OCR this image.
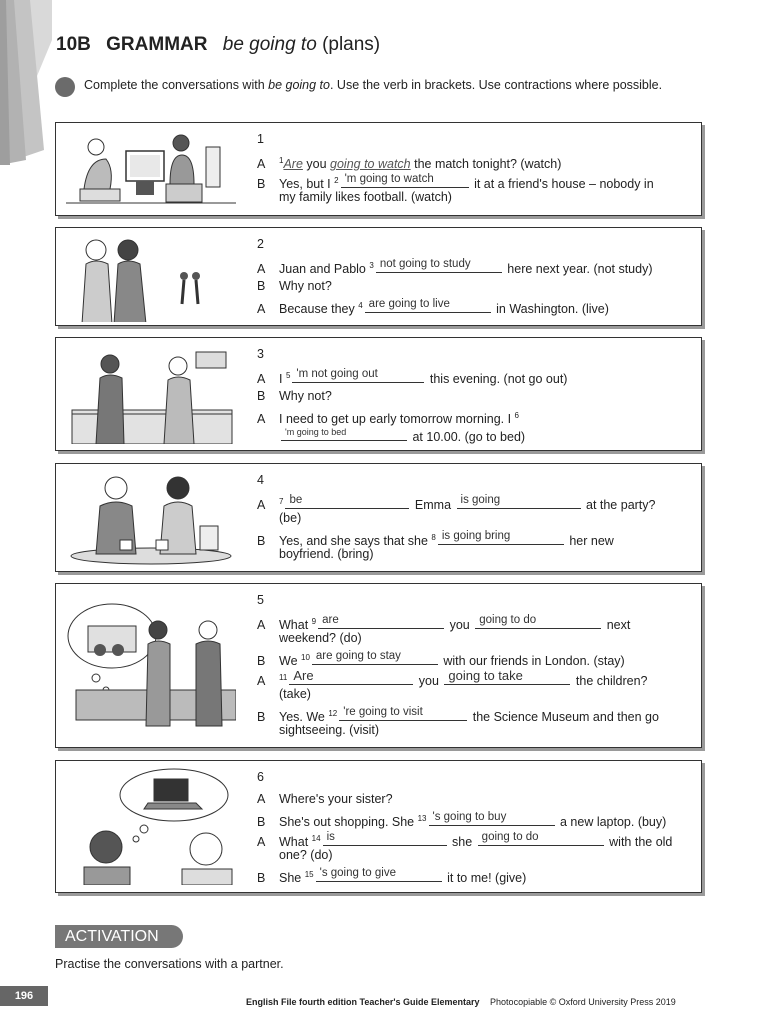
10B GRAMMAR be going to (plans)
Complete the conversations with be going to. Use the verb in brackets. Use contractions where possible.
1
A $^1$Are you going to watch the match tonight? (watch)
B Yes, but I $^2$ 'm going to watch	it at a friend's house – nobody in
my family likes football. (watch)
2
A Juan and Pablo $^3$ not going to study	here next year. (not study)
B Why not?
A Because they $^4$ are going to live	in Washington. (live)
3
A I $^5$ 'm not going out	this evening. (not go out)
B Why not?
A I need to get up early tomorrow morning. I $^6$

'm going to bed	at 10.00. (go to bed)
4
A $^7$ be	Emma is going	at the party?
(be)
B Yes, and she says that she $^8$ is going bring	her new
boyfriend. (bring)
5
A What $^9$ are	you going to do	next
weekend? (do)
B We $^{10}$ are going to stay	with our friends in London. (stay)
A $^{11}$ Are	you going to take	the children?
(take)
B Yes. We $^{12}$ 're going to visit	the Science Museum and then go
sightseeing. (visit)
6
A Where's your sister?
B She's out shopping. She $^{13}$ 's going to buy	a new laptop. (buy)
A What $^{14}$ is	she going to do	with the old
one? (do)
B She $^{15}$ 's going to give	it to me! (give)
ACTIVATION
Practise the conversations with a partner.
196	English File fourth edition Teacher's Guide Elementary Photocopiable © Oxford University Press 2019
